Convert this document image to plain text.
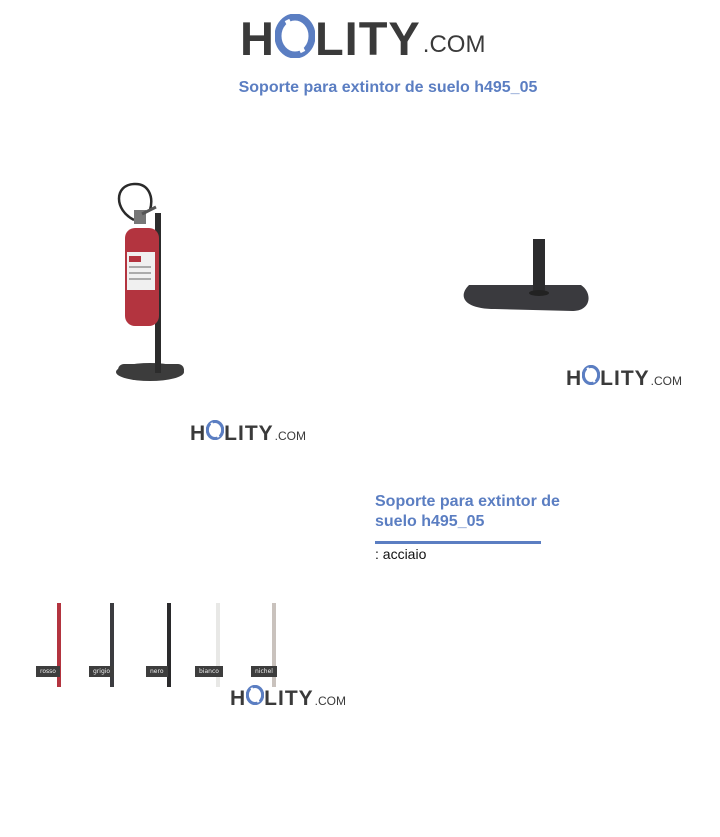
H LITY .COM
Soporte para extintor de suelo h495_05
H LITY .COM
H LITY .COM
Soporte para extintor de suelo h495_05
: acciaio
rosso	grigio	nero	bianco	nichel
H LITY .COM
